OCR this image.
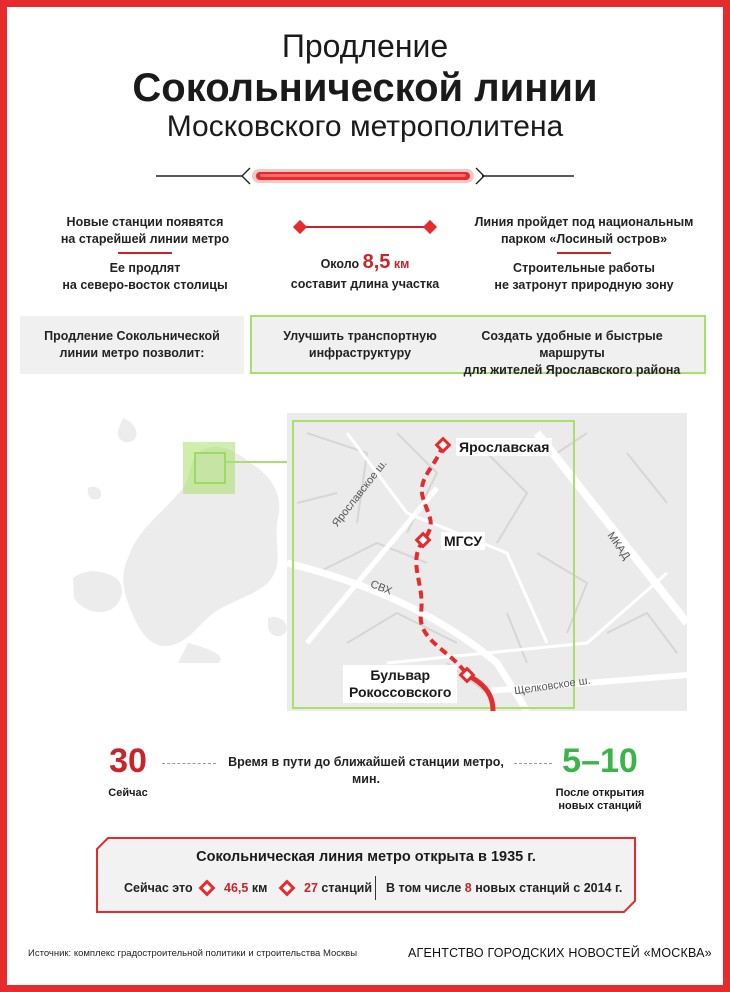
Продление
Сокольнической линии
Московского метрополитена
Новые станции появятся
на старейшей линии метро
Ее продлят
на северо-восток столицы
Около 8,5 км
составит длина участка
Линия пройдет под национальным
парком «Лосиный остров»
Строительные работы
не затронут природную зону
Продление Сокольнической
линии метро позволит:
Улучшить транспортную
инфраструктуру
Создать удобные и быстрые маршруты
для жителей Ярославского района
Ярославская
МГСУ
Бульвар
Рокоссовского
Ярославское ш.
СВХ
МКАД
Щелковское ш.
30
Сейчас
Время в пути до ближайшей станции метро, мин.	5–10
После открытия
новых станций
Сокольническая линия метро открыта в 1935 г.
Сейчас это	46,5 км	27 станций В том числе 8 новых станций с 2014 г.
Источник: комплекс градостроительной политики и строительства Москвы	АГЕНТСТВО ГОРОДСКИХ НОВОСТЕЙ «МОСКВА»
